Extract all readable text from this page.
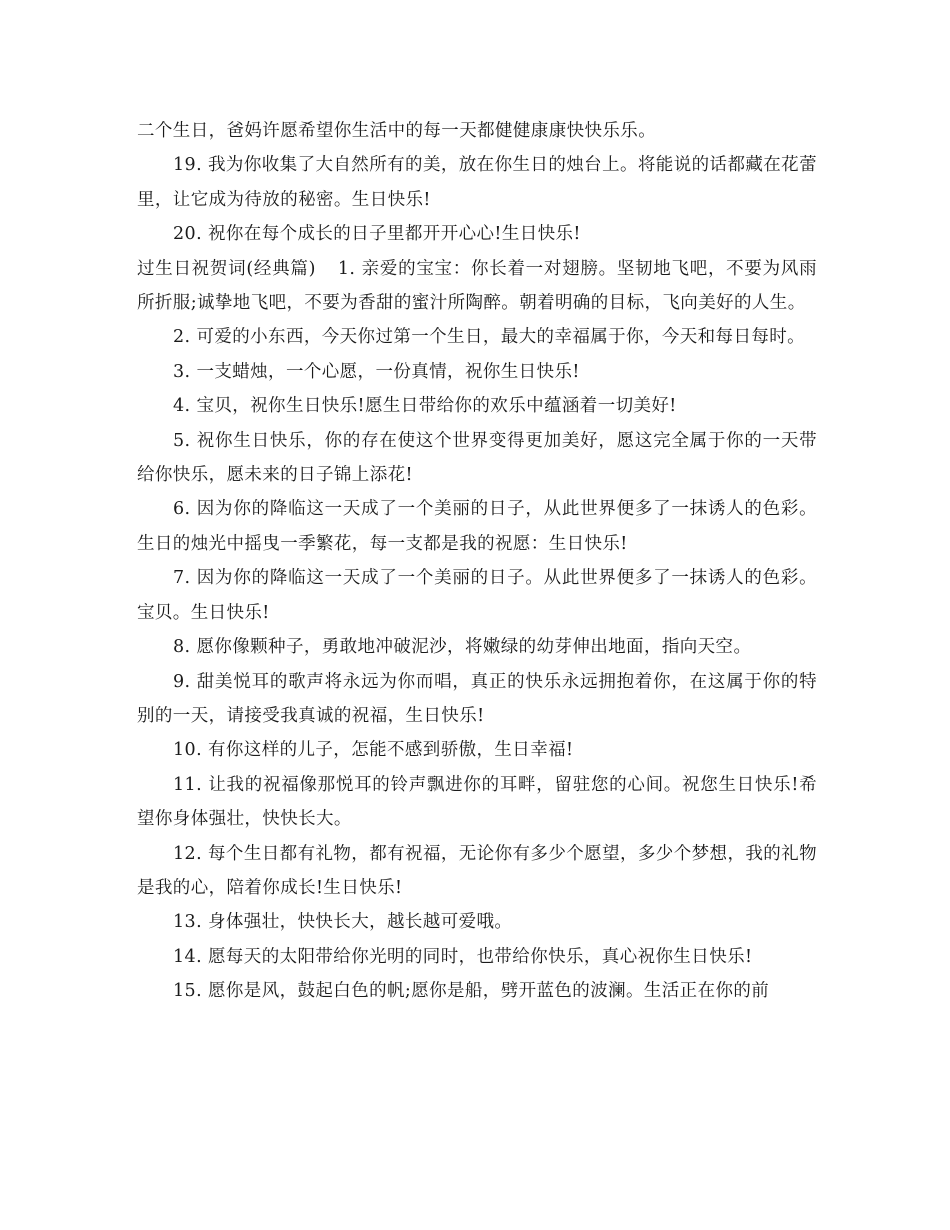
二个生日，爸妈许愿希望你生活中的每一天都健健康康快快乐乐。

19. 我为你收集了大自然所有的美，放在你生日的烛台上。将能说的话都藏在花蕾里，让它成为待放的秘密。生日快乐!

20. 祝你在每个成长的日子里都开开心心!生日快乐!

过生日祝贺词(经典篇) 1. 亲爱的宝宝：你长着一对翅膀。坚韧地飞吧，不要为风雨所折服;诚挚地飞吧，不要为香甜的蜜汁所陶醉。朝着明确的目标，飞向美好的人生。

2. 可爱的小东西，今天你过第一个生日，最大的幸福属于你，今天和每日每时。

3. 一支蜡烛，一个心愿，一份真情，祝你生日快乐!

4. 宝贝，祝你生日快乐!愿生日带给你的欢乐中蕴涵着一切美好!

5. 祝你生日快乐，你的存在使这个世界变得更加美好，愿这完全属于你的一天带给你快乐，愿未来的日子锦上添花!

6. 因为你的降临这一天成了一个美丽的日子，从此世界便多了一抹诱人的色彩。生日的烛光中摇曳一季繁花，每一支都是我的祝愿：生日快乐!

7. 因为你的降临这一天成了一个美丽的日子。从此世界便多了一抹诱人的色彩。宝贝。生日快乐!

8. 愿你像颗种子，勇敢地冲破泥沙，将嫩绿的幼芽伸出地面，指向天空。

9. 甜美悦耳的歌声将永远为你而唱，真正的快乐永远拥抱着你，在这属于你的特别的一天，请接受我真诚的祝福，生日快乐!

10. 有你这样的儿子，怎能不感到骄傲，生日幸福!

11. 让我的祝福像那悦耳的铃声飘进你的耳畔，留驻您的心间。祝您生日快乐!希望你身体强壮，快快长大。

12. 每个生日都有礼物，都有祝福，无论你有多少个愿望，多少个梦想，我的礼物是我的心，陪着你成长!生日快乐!

13. 身体强壮，快快长大，越长越可爱哦。

14. 愿每天的太阳带给你光明的同时，也带给你快乐，真心祝你生日快乐!

15. 愿你是风，鼓起白色的帆;愿你是船，劈开蓝色的波澜。生活正在你的前
